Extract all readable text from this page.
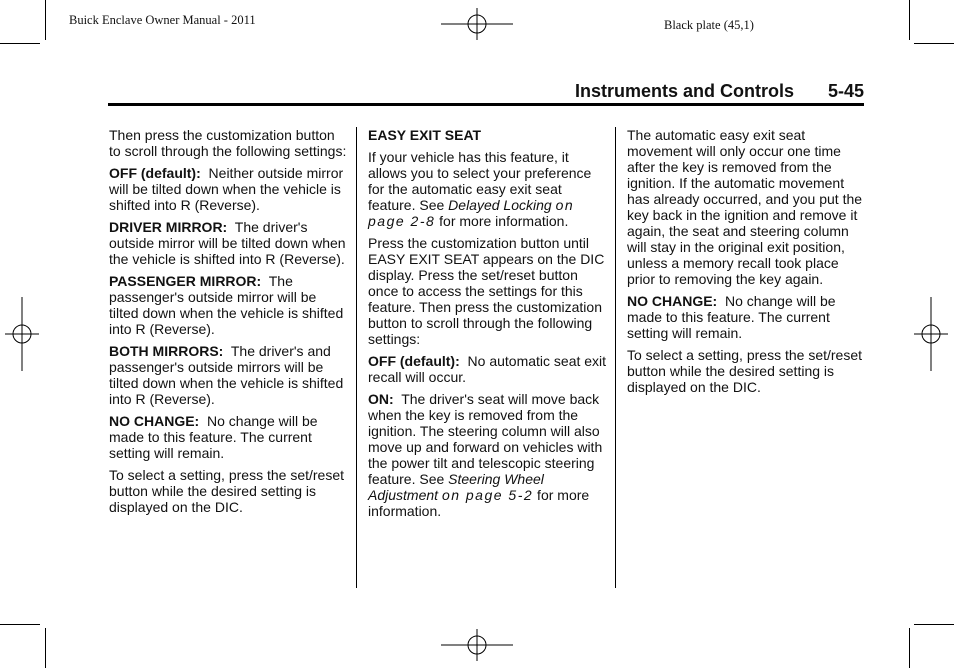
Buick Enclave Owner Manual - 2011	Black plate (45,1)
Instruments and Controls 5-45

Then press the customization button to scroll through the following settings:

OFF (default): Neither outside mirror will be tilted down when the vehicle is shifted into R (Reverse).

DRIVER MIRROR: The driver's outside mirror will be tilted down when the vehicle is shifted into R (Reverse).

PASSENGER MIRROR: The passenger's outside mirror will be tilted down when the vehicle is shifted into R (Reverse).

BOTH MIRRORS: The driver's and passenger's outside mirrors will be tilted down when the vehicle is shifted into R (Reverse).

NO CHANGE: No change will be made to this feature. The current setting will remain.

To select a setting, press the set/reset button while the desired setting is displayed on the DIC.

EASY EXIT SEAT

If your vehicle has this feature, it allows you to select your preference for the automatic easy exit seat feature. See Delayed Locking on page 2-8 for more information.

Press the customization button until EASY EXIT SEAT appears on the DIC display. Press the set/reset button once to access the settings for this feature. Then press the customization button to scroll through the following settings:

OFF (default): No automatic seat exit recall will occur.

ON: The driver's seat will move back when the key is removed from the ignition. The steering column will also move up and forward on vehicles with the power tilt and telescopic steering feature. See Steering Wheel Adjustment on page 5-2 for more information.

The automatic easy exit seat movement will only occur one time after the key is removed from the ignition. If the automatic movement has already occurred, and you put the key back in the ignition and remove it again, the seat and steering column will stay in the original exit position, unless a memory recall took place prior to removing the key again.

NO CHANGE: No change will be made to this feature. The current setting will remain.

To select a setting, press the set/reset button while the desired setting is displayed on the DIC.
